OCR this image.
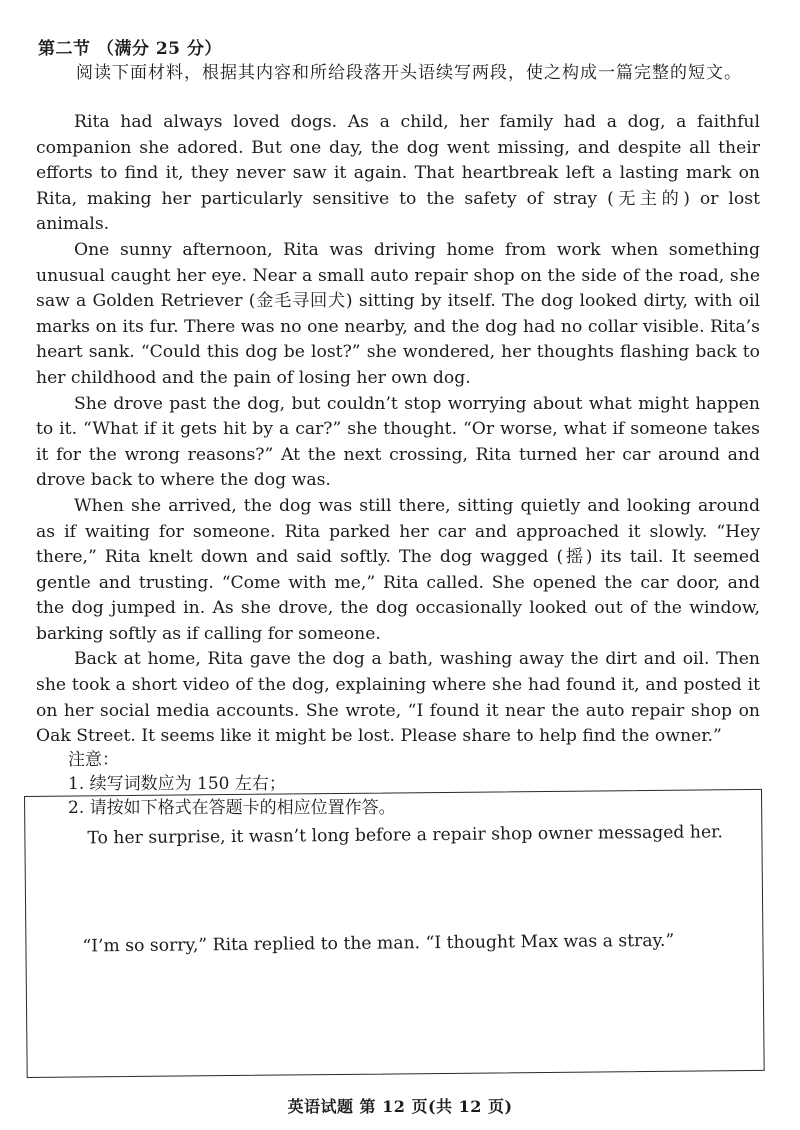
第二节 （满分 25 分）
阅读下面材料，根据其内容和所给段落开头语续写两段，使之构成一篇完整的短文。

Rita had always loved dogs. As a child, her family had a dog, a faithful companion she adored. But one day, the dog went missing, and despite all their efforts to find it, they never saw it again. That heartbreak left a lasting mark on Rita, making her particularly sensitive to the safety of stray (无主的) or lost animals.

One sunny afternoon, Rita was driving home from work when something unusual caught her eye. Near a small auto repair shop on the side of the road, she saw a Golden Retriever (金毛寻回犬) sitting by itself. The dog looked dirty, with oil marks on its fur. There was no one nearby, and the dog had no collar visible. Rita’s heart sank. “Could this dog be lost?” she wondered, her thoughts flashing back to her childhood and the pain of losing her own dog.

She drove past the dog, but couldn’t stop worrying about what might happen to it. “What if it gets hit by a car?” she thought. “Or worse, what if someone takes it for the wrong reasons?” At the next crossing, Rita turned her car around and drove back to where the dog was.

When she arrived, the dog was still there, sitting quietly and looking around as if waiting for someone. Rita parked her car and approached it slowly. “Hey there,” Rita knelt down and said softly. The dog wagged (摇) its tail. It seemed gentle and trusting. “Come with me,” Rita called. She opened the car door, and the dog jumped in. As she drove, the dog occasionally looked out of the window, barking softly as if calling for someone.

Back at home, Rita gave the dog a bath, washing away the dirt and oil. Then she took a short video of the dog, explaining where she had found it, and posted it on her social media accounts. She wrote, “I found it near the auto repair shop on Oak Street. It seems like it might be lost. Please share to help find the owner.”

注意：
1. 续写词数应为 150 左右；
2. 请按如下格式在答题卡的相应位置作答。
To her surprise, it wasn’t long before a repair shop owner messaged her.
“I’m so sorry,” Rita replied to the man. “I thought Max was a stray.”
英语试题 第 12 页(共 12 页)
